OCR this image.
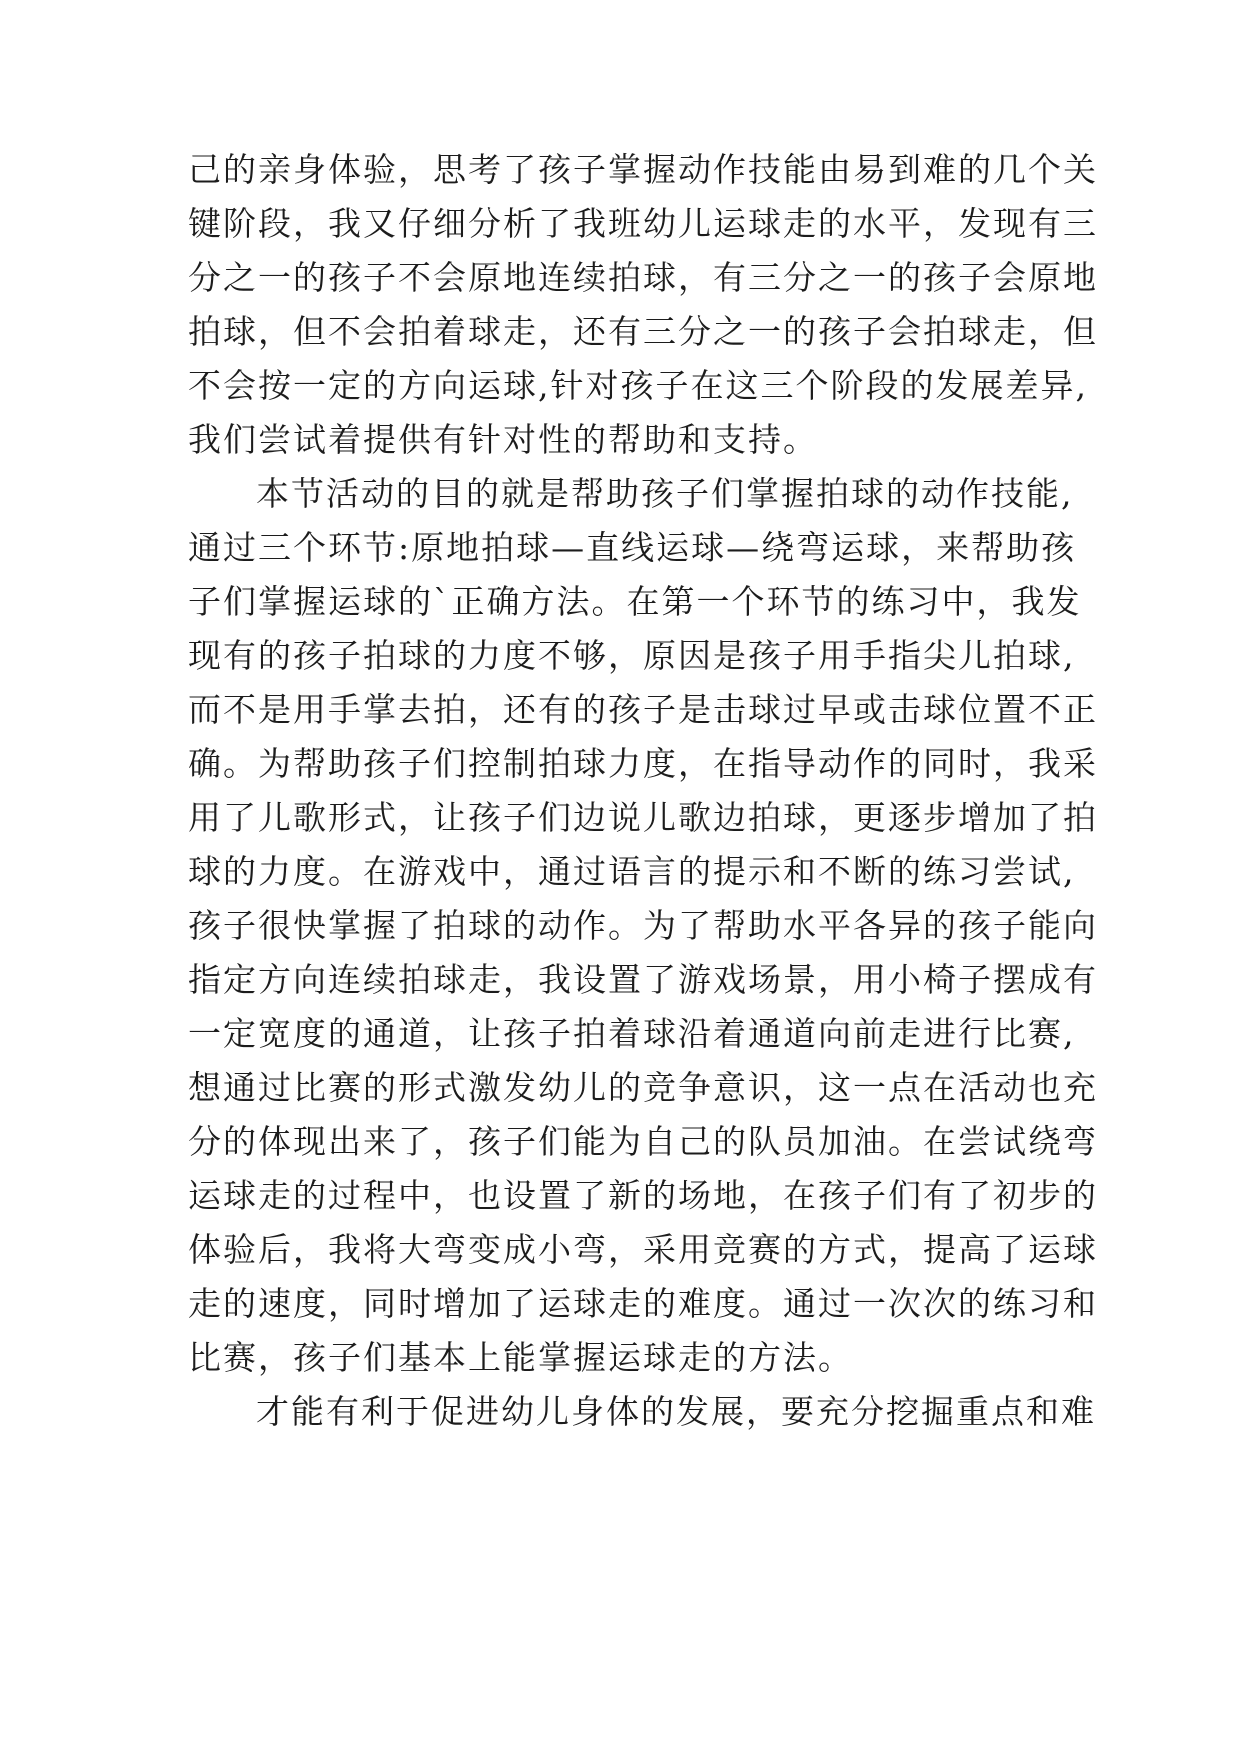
己的亲身体验，思考了孩子掌握动作技能由易到难的几个关
键阶段，我又仔细分析了我班幼儿运球走的水平，发现有三
分之一的孩子不会原地连续拍球，有三分之一的孩子会原地
拍球，但不会拍着球走，还有三分之一的孩子会拍球走，但
不会按一定的方向运球,针对孩子在这三个阶段的发展差异,
我们尝试着提供有针对性的帮助和支持。
本节活动的目的就是帮助孩子们掌握拍球的动作技能,
通过三个环节:原地拍球—直线运球—绕弯运球，来帮助孩
子们掌握运球的`正确方法。在第一个环节的练习中，我发
现有的孩子拍球的力度不够，原因是孩子用手指尖儿拍球,
而不是用手掌去拍，还有的孩子是击球过早或击球位置不正
确。为帮助孩子们控制拍球力度，在指导动作的同时，我采
用了儿歌形式，让孩子们边说儿歌边拍球，更逐步增加了拍
球的力度。在游戏中，通过语言的提示和不断的练习尝试,
孩子很快掌握了拍球的动作。为了帮助水平各异的孩子能向
指定方向连续拍球走，我设置了游戏场景，用小椅子摆成有
一定宽度的通道，让孩子拍着球沿着通道向前走进行比赛,
想通过比赛的形式激发幼儿的竞争意识，这一点在活动也充
分的体现出来了，孩子们能为自己的队员加油。在尝试绕弯
运球走的过程中，也设置了新的场地，在孩子们有了初步的
体验后，我将大弯变成小弯，采用竞赛的方式，提高了运球
走的速度，同时增加了运球走的难度。通过一次次的练习和
比赛，孩子们基本上能掌握运球走的方法。
才能有利于促进幼儿身体的发展，要充分挖掘重点和难
